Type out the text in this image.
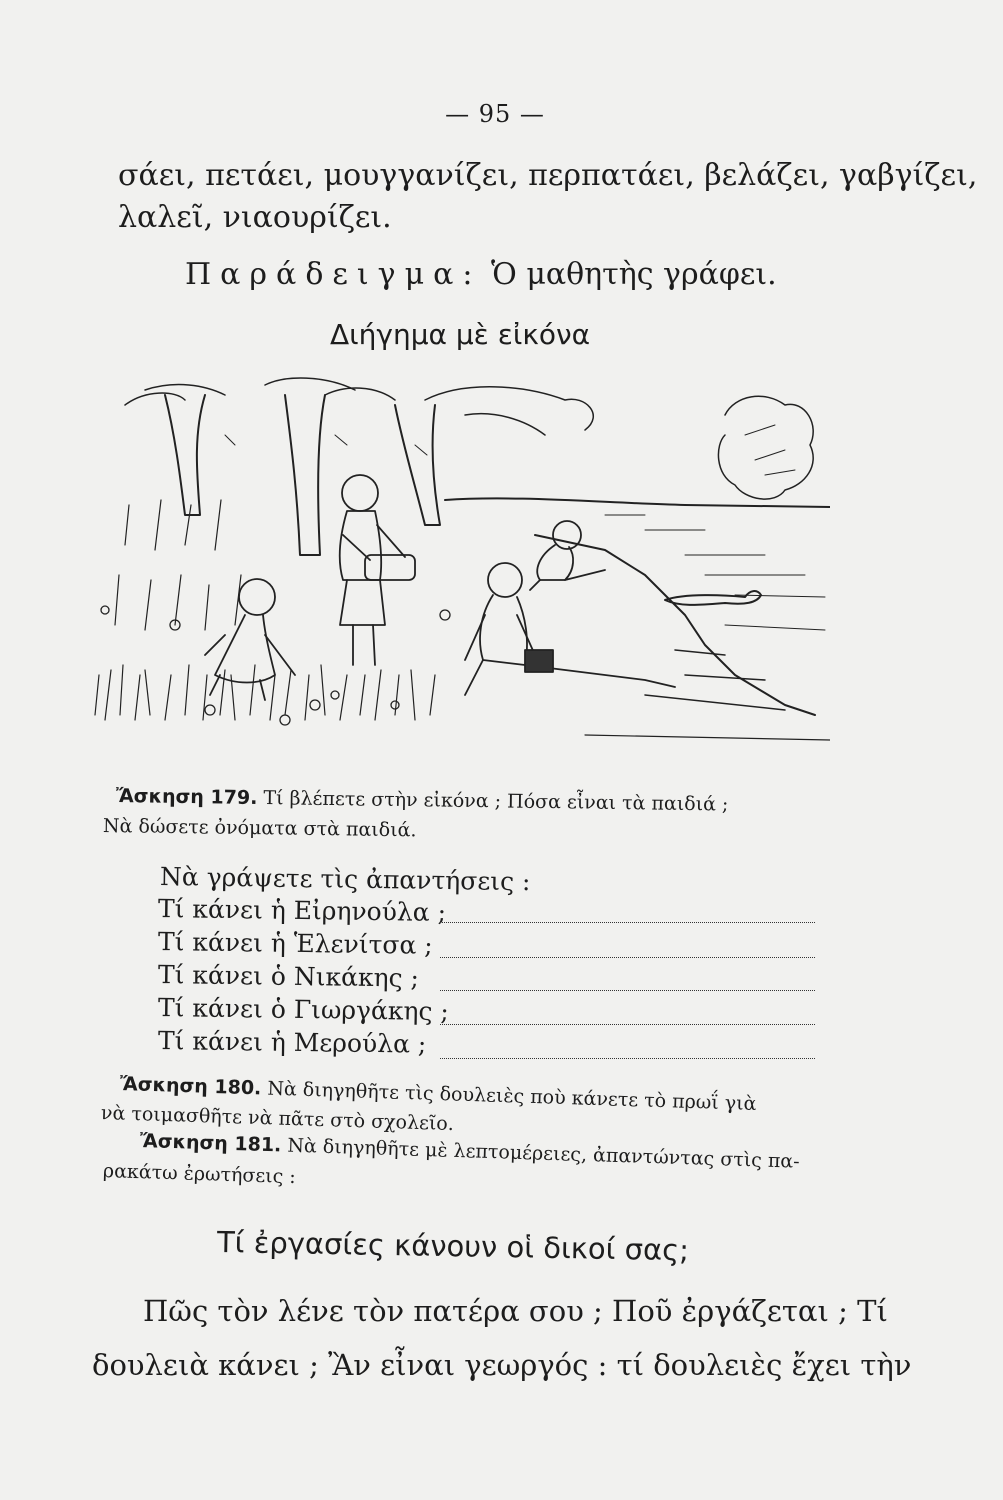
— 95 —
σάει, πετάει, μουγγανίζει, περπατάει, βελάζει, γαβγίζει,
λαλεῖ, νιαουρίζει.
Παράδειγμα: Ὁ μαθητὴς γράφει.
Διήγημα μὲ εἰκόνα
Ἄσκηση 179. Τί βλέπετε στὴν εἰκόνα ; Πόσα εἶναι τὰ παιδιά ;
Νὰ δώσετε ὀνόματα στὰ παιδιά.
Νὰ γράψετε τὶς ἀπαντήσεις :
Τί κάνει ἡ Εἰρηνούλα ;
Τί κάνει ἡ Ἑλενίτσα ;
Τί κάνει ὁ Νικάκης ;
Τί κάνει ὁ Γιωργάκης ;
Τί κάνει ἡ Μερούλα ;
Ἄσκηση 180. Νὰ διηγηθῆτε τὶς δουλειὲς ποὺ κάνετε τὸ πρωΐ γιὰ
νὰ τοιμασθῆτε νὰ πᾶτε στὸ σχολεῖο.
Ἄσκηση 181. Νὰ διηγηθῆτε μὲ λεπτομέρειες, ἀπαντώντας στὶς πα-
ρακάτω ἐρωτήσεις :
Τί ἐργασίες κάνουν οἱ δικοί σας;
Πῶς τὸν λένε τὸν πατέρα σου ; Ποῦ ἐργάζεται ; Τί
δουλειὰ κάνει ; Ἂν εἶναι γεωργός : τί δουλειὲς ἔχει τὴν
